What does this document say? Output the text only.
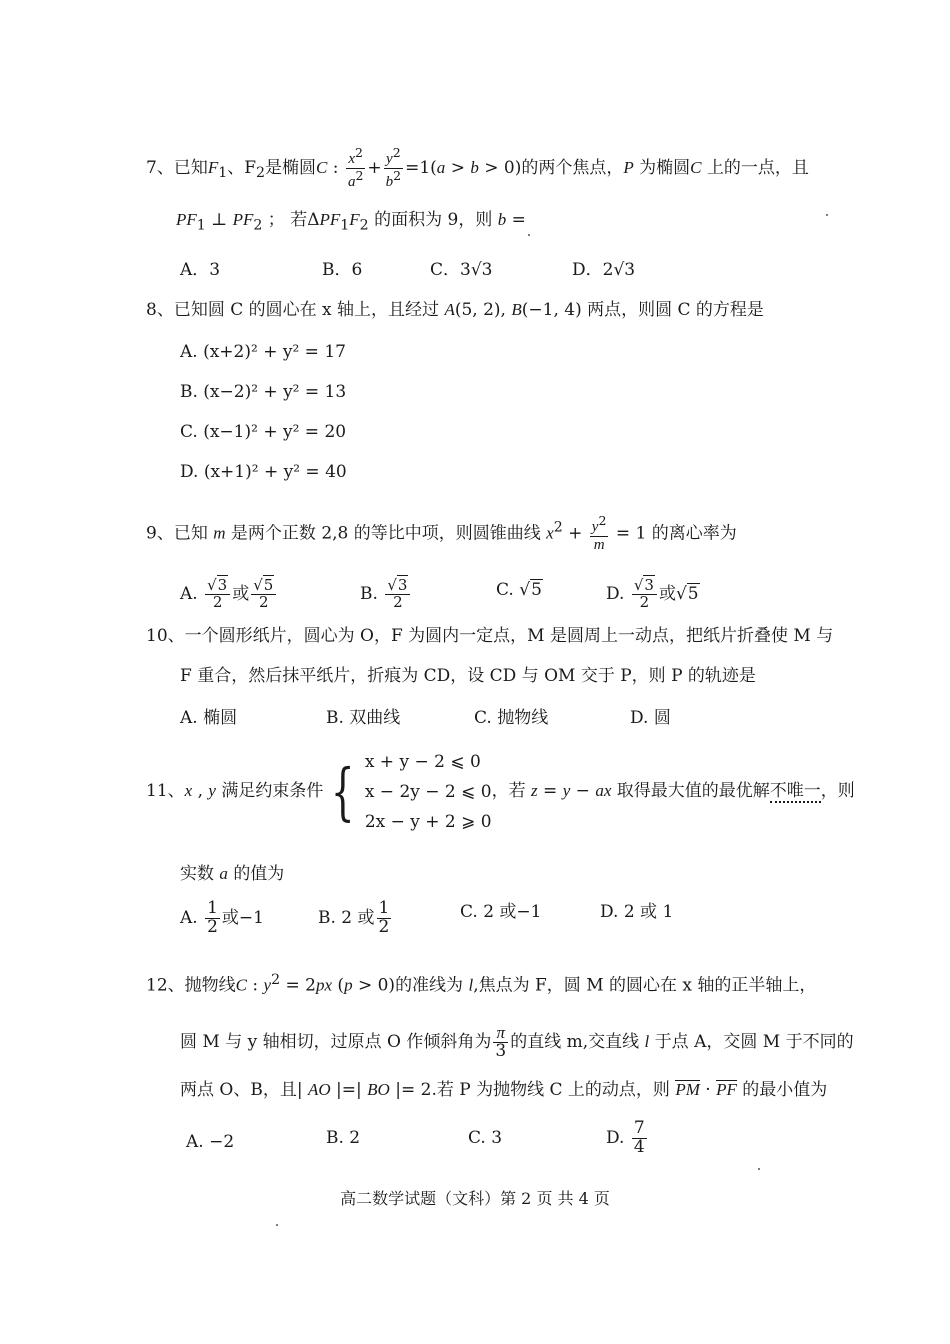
7、已知$F_1$、$F_2$是椭圆C : $\frac{x^2}{a^2} + \frac{y^2}{b^2} =1(a > b > 0)$的两个焦点，P 为椭圆C 上的一点，且
$PF_1$ ⊥ $PF_2$ ； 若$\Delta PF_1F_2$ 的面积为 9，则 b =
A．3	B．6	C．3√3	D．2√3
8、已知圆 C 的圆心在 x 轴上，且经过 A(5, 2), B(−1, 4) 两点，则圆 C 的方程是
A. (x+2)² + y² = 17
B. (x−2)² + y² = 13
C. (x−1)² + y² = 20
D. (x+1)² + y² = 40
9、已知 m 是两个正数 2,8 的等比中项，则圆锥曲线 $x^2 + \frac{y^2}{m} = 1$ 的离心率为
A. $\frac{√3}{2}$ 或 $\frac{√5}{2}$	B. $\frac{√3}{2}$	C. √5	D. $\frac{√3}{2}$ 或√5
10、一个圆形纸片，圆心为 O，F 为圆内一定点，M 是圆周上一动点，把纸片折叠使 M 与
F 重合，然后抹平纸片，折痕为 CD，设 CD 与 OM 交于 P，则 P 的轨迹是
A. 椭圆	B. 双曲线	C. 抛物线	D. 圆
11、x , y 满足约束条件 { x + y − 2 ⩽ 0
x − 2y − 2 ⩽ 0
2x − y + 2 ⩾ 0
，若 z = y − ax 取得最大值的最优解不唯一，则
实数 a 的值为
A. $\frac{1}{2}$ 或−1	B. 2 或 $\frac{1}{2}$	C. 2 或−1	D. 2 或 1
12、抛物线C : $y^2 = 2px$ (p > 0)的准线为 l,焦点为 F，圆 M 的圆心在 x 轴的正半轴上，
圆 M 与 y 轴相切，过原点 O 作倾斜角为 $\frac{\pi}{3}$ 的直线 m,交直线 l 于点 A，交圆 M 于不同的
两点 O、B，且| AO |=| BO |= 2.若 P 为抛物线 C 上的动点，则 PM · PF 的最小值为
A. −2	B. 2	C. 3	D. $\frac{7}{4}$
高二数学试题（文科）第 2 页 共 4 页
